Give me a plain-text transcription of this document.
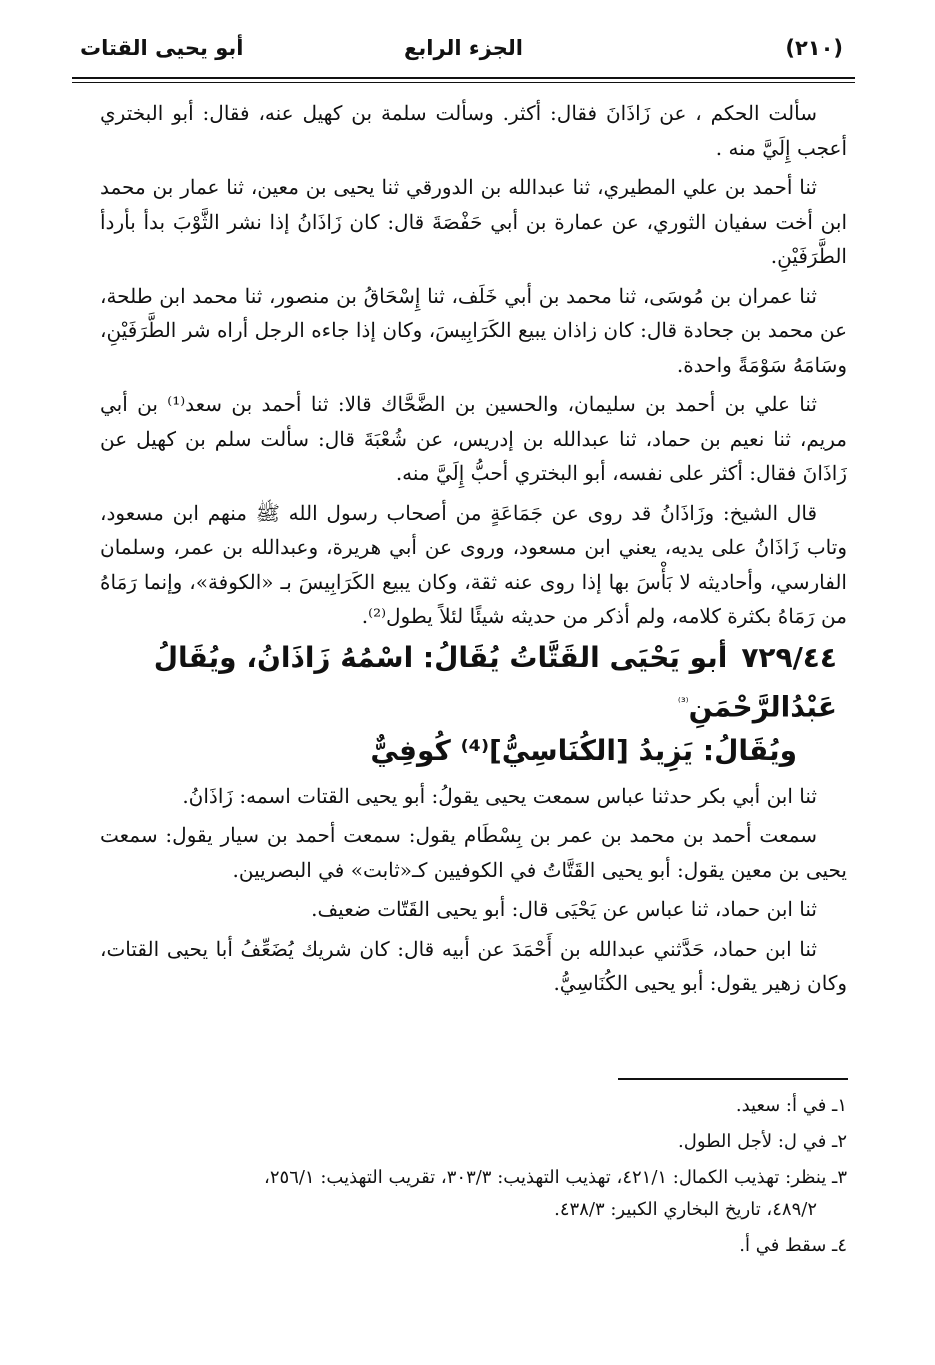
(٢١٠)
الجزء الرابع
أبو يحيى القتات

سألت الحكم ، عن زَاذَانَ فقال: أكثر. وسألت سلمة بن كهيل عنه، فقال: أبو البختري أعجب إِلَيَّ منه .

ثنا أحمد بن علي المطيري، ثنا عبدالله بن الدورقي ثنا يحيى بن معين، ثنا عمار بن محمد ابن أخت سفيان الثوري، عن عمارة بن أبي حَفْصَةَ قال: كان زَاذَانُ إذا نشر الثَّوْبَ بدأ بأردأ الطَّرَفَيْنِ.

ثنا عمران بن مُوسَى، ثنا محمد بن أبي خَلَف، ثنا إِسْحَاقُ بن منصور، ثنا محمد ابن طلحة، عن محمد بن جحادة قال: كان زاذان يبيع الكَرَابِيسَ، وكان إذا جاءه الرجل أراه شر الطَّرَفَيْنِ، وسَامَهُ سَوْمَةً واحدة.

ثنا علي بن أحمد بن سليمان، والحسين بن الضَّحَّاك قالا: ثنا أحمد بن سعد⁽¹⁾ بن أبي مريم، ثنا نعيم بن حماد، ثنا عبدالله بن إدريس، عن شُعْبَةَ قال: سألت سلم بن كهيل عن زَاذَانَ فقال: أكثر على نفسه، أبو البختري أحبُّ إِلَيَّ منه.

قال الشيخ: وزَاذَانُ قد روى عن جَمَاعَةٍ من أصحاب رسول الله ﷺ منهم ابن مسعود، وتاب زَاذَانُ على يديه، يعني ابن مسعود، وروى عن أبي هريرة، وعبدالله بن عمر، وسلمان الفارسي، وأحاديثه لا بَأْسَ بها إذا روى عنه ثقة، وكان يبيع الكَرَابِيسَ بـ «الكوفة»، وإنما رَمَاهُ من رَمَاهُ بكثرة كلامه، ولم أذكر من حديثه شيئًا لئلاً يطول⁽²⁾.

٧٢٩/٤٤أبو يَحْيَى القَتَّاتُ يُقَالُ: اسْمُهُ زَاذَانُ، ويُقَالُ عَبْدُالرَّحْمَنِ$^{^{(3)}}$
ويُقَالُ: يَزِيدُ [الكُنَاسِيُّ]⁽⁴⁾ كُوفِيٌّ

ثنا ابن أبي بكر حدثنا عباس سمعت يحيى يقولُ: أبو يحيى القتات اسمه: زَاذَانُ.

سمعت أحمد بن محمد بن عمر بن بِسْطَام يقول: سمعت أحمد بن سيار يقول: سمعت يحيى بن معين يقول: أبو يحيى القَتَّاتُ في الكوفيين كـ«ثابت» في البصريين.

ثنا ابن حماد، ثنا عباس عن يَحْيَى قال: أبو يحيى القَتّات ضعيف.

ثنا ابن حماد، حَدَّثني عبدالله بن أَحْمَدَ عن أبيه قال: كان شريك يُضَعِّفُ أبا يحيى القتات، وكان زهير يقول: أبو يحيى الكُنَاسِيُّ.

١ـ في أ: سعيد.
٢ـ في ل: لأجل الطول.
٣ـ ينظر: تهذيب الكمال: ٤٢١/١، تهذيب التهذيب: ٣٠٣/٣، تقريب التهذيب: ٢٥٦/١،
٤٨٩/٢، تاريخ البخاري الكبير: ٤٣٨/٣.
٤ـ سقط في أ.
